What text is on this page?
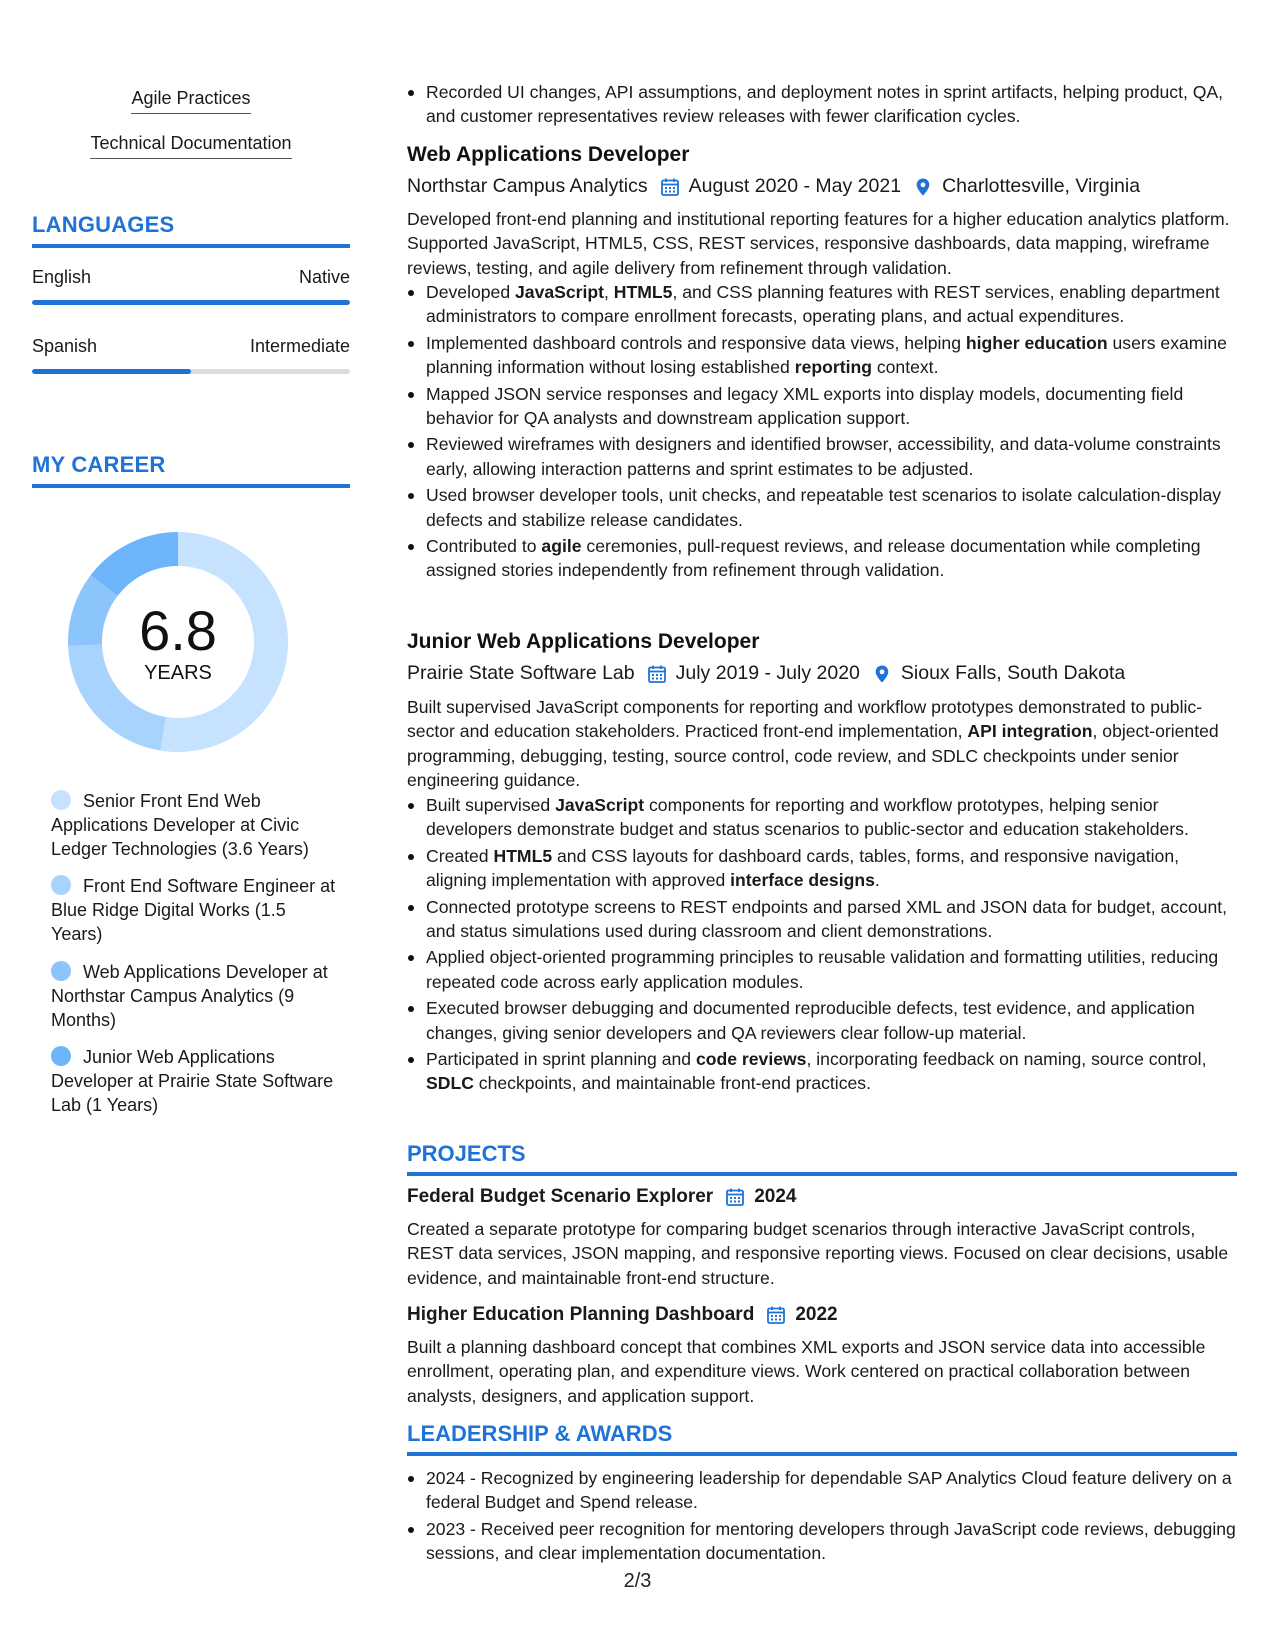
Agile Practices
Technical Documentation
LANGUAGES
English	Native
Spanish	Intermediate
MY CAREER
6.8
YEARS
Senior Front End Web Applications Developer at Civic Ledger Technologies (3.6 Years)
Front End Software Engineer at Blue Ridge Digital Works (1.5 Years)
Web Applications Developer at Northstar Campus Analytics (9 Months)
Junior Web Applications Developer at Prairie State Software Lab (1 Years)
Recorded UI changes, API assumptions, and deployment notes in sprint artifacts, helping product, QA, and customer representatives review releases with fewer clarification cycles.
Web Applications Developer
Northstar Campus Analytics August 2020 - May 2021 Charlottesville, Virginia
Developed front-end planning and institutional reporting features for a higher education analytics platform. Supported JavaScript, HTML5, CSS, REST services, responsive dashboards, data mapping, wireframe reviews, testing, and agile delivery from refinement through validation.
Developed JavaScript, HTML5, and CSS planning features with REST services, enabling department administrators to compare enrollment forecasts, operating plans, and actual expenditures.
Implemented dashboard controls and responsive data views, helping higher education users examine planning information without losing established reporting context.
Mapped JSON service responses and legacy XML exports into display models, documenting field behavior for QA analysts and downstream application support.
Reviewed wireframes with designers and identified browser, accessibility, and data-volume constraints early, allowing interaction patterns and sprint estimates to be adjusted.
Used browser developer tools, unit checks, and repeatable test scenarios to isolate calculation-display defects and stabilize release candidates.
Contributed to agile ceremonies, pull-request reviews, and release documentation while completing assigned stories independently from refinement through validation.
Junior Web Applications Developer
Prairie State Software Lab July 2019 - July 2020 Sioux Falls, South Dakota
Built supervised JavaScript components for reporting and workflow prototypes demonstrated to public-sector and education stakeholders. Practiced front-end implementation, API integration, object-oriented programming, debugging, testing, source control, code review, and SDLC checkpoints under senior engineering guidance.
Built supervised JavaScript components for reporting and workflow prototypes, helping senior developers demonstrate budget and status scenarios to public-sector and education stakeholders.
Created HTML5 and CSS layouts for dashboard cards, tables, forms, and responsive navigation, aligning implementation with approved interface designs.
Connected prototype screens to REST endpoints and parsed XML and JSON data for budget, account, and status simulations used during classroom and client demonstrations.
Applied object-oriented programming principles to reusable validation and formatting utilities, reducing repeated code across early application modules.
Executed browser debugging and documented reproducible defects, test evidence, and application changes, giving senior developers and QA reviewers clear follow-up material.
Participated in sprint planning and code reviews, incorporating feedback on naming, source control, SDLC checkpoints, and maintainable front-end practices.
PROJECTS
Federal Budget Scenario Explorer 2024
Created a separate prototype for comparing budget scenarios through interactive JavaScript controls, REST data services, JSON mapping, and responsive reporting views. Focused on clear decisions, usable evidence, and maintainable front-end structure.
Higher Education Planning Dashboard 2022
Built a planning dashboard concept that combines XML exports and JSON service data into accessible enrollment, operating plan, and expenditure views. Work centered on practical collaboration between analysts, designers, and application support.
LEADERSHIP & AWARDS
2024 - Recognized by engineering leadership for dependable SAP Analytics Cloud feature delivery on a federal Budget and Spend release.
2023 - Received peer recognition for mentoring developers through JavaScript code reviews, debugging sessions, and clear implementation documentation.
2/3
